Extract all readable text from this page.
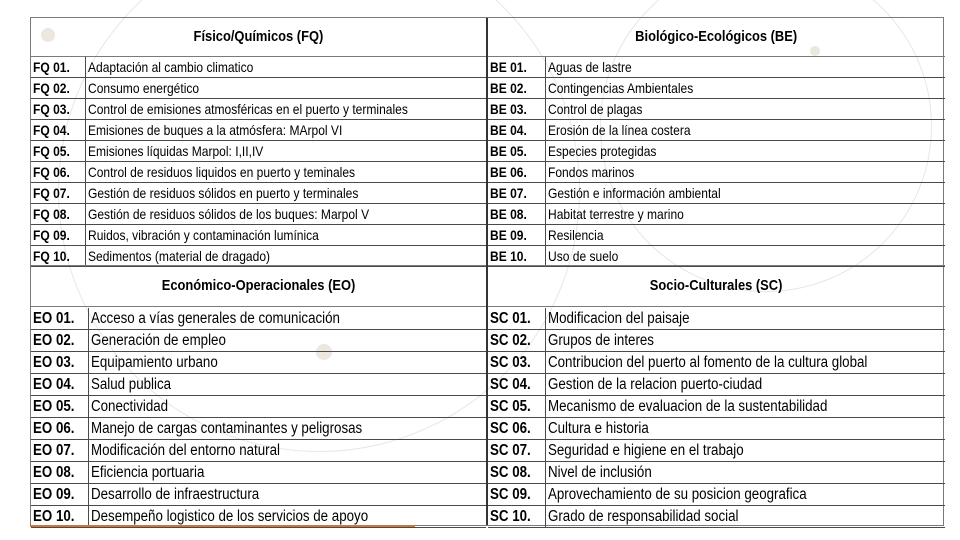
Físico/Químicos (FQ)
FQ 01.	Adaptación al cambio climatico
FQ 02.	Consumo energético
FQ 03.	Control de emisiones atmosféricas en el puerto y terminales
FQ 04.	Emisiones de buques a la atmósfera: MArpol VI
FQ 05.	Emisiones líquidas Marpol: I,II,IV
FQ 06.	Control de residuos liquidos en puerto y teminales
FQ 07.	Gestión de residuos sólidos en puerto y terminales
FQ 08.	Gestión de residuos sólidos de los buques: Marpol V
FQ 09.	Ruidos, vibración y contaminación lumínica
FQ 10.	Sedimentos (material de dragado)
Económico-Operacionales (EO)
EO 01.	Acceso a vías generales de comunicación
EO 02.	Generación de empleo
EO 03.	Equipamiento urbano
EO 04.	Salud publica
EO 05.	Conectividad
EO 06.	Manejo de cargas contaminantes y peligrosas
EO 07.	Modificación del entorno natural
EO 08.	Eficiencia portuaria
EO 09.	Desarrollo de infraestructura
EO 10.	Desempeño logistico de los servicios de apoyo
Biológico-Ecológicos (BE)
BE 01.	Aguas de lastre
BE 02.	Contingencias Ambientales
BE 03.	Control de plagas
BE 04.	Erosión de la línea costera
BE 05.	Especies protegidas
BE 06.	Fondos marinos
BE 07.	Gestión e información ambiental
BE 08.	Habitat terrestre y marino
BE 09.	Resilencia
BE 10.	Uso de suelo
Socio-Culturales (SC)
SC 01.	Modificacion del paisaje
SC 02.	Grupos de interes
SC 03.	Contribucion del puerto al fomento de la cultura global
SC 04.	Gestion de la relacion puerto-ciudad
SC 05.	Mecanismo de evaluacion de la sustentabilidad
SC 06.	Cultura e historia
SC 07.	Seguridad e higiene en el trabajo
SC 08.	Nivel de inclusión
SC 09.	Aprovechamiento de su posicion geografica
SC 10.	Grado de responsabilidad social
